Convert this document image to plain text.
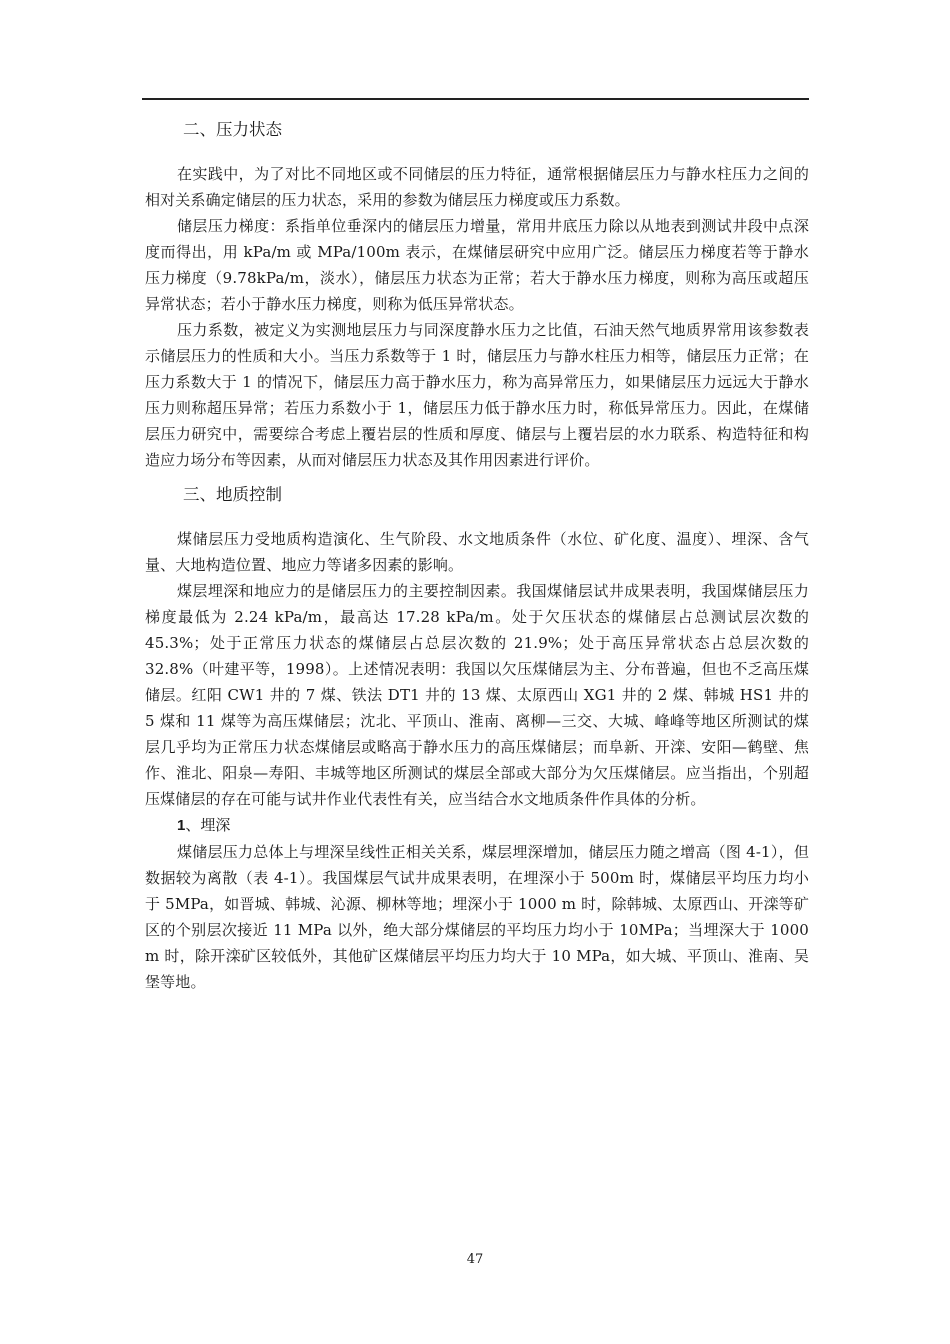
二、压力状态

在实践中，为了对比不同地区或不同储层的压力特征，通常根据储层压力与静水柱压力之间的相对关系确定储层的压力状态，采用的参数为储层压力梯度或压力系数。

储层压力梯度：系指单位垂深内的储层压力增量，常用井底压力除以从地表到测试井段中点深度而得出，用 kPa/m 或 MPa/100m 表示，在煤储层研究中应用广泛。储层压力梯度若等于静水压力梯度（9.78kPa/m，淡水），储层压力状态为正常；若大于静水压力梯度，则称为高压或超压异常状态；若小于静水压力梯度，则称为低压异常状态。

压力系数，被定义为实测地层压力与同深度静水压力之比值，石油天然气地质界常用该参数表示储层压力的性质和大小。当压力系数等于 1 时，储层压力与静水柱压力相等，储层压力正常；在压力系数大于 1 的情况下，储层压力高于静水压力，称为高异常压力，如果储层压力远远大于静水压力则称超压异常；若压力系数小于 1，储层压力低于静水压力时，称低异常压力。因此，在煤储层压力研究中，需要综合考虑上覆岩层的性质和厚度、储层与上覆岩层的水力联系、构造特征和构造应力场分布等因素，从而对储层压力状态及其作用因素进行评价。

三、地质控制

煤储层压力受地质构造演化、生气阶段、水文地质条件（水位、矿化度、温度）、埋深、含气量、大地构造位置、地应力等诸多因素的影响。

煤层埋深和地应力的是储层压力的主要控制因素。我国煤储层试井成果表明，我国煤储层压力梯度最低为 2.24 kPa/m，最高达 17.28 kPa/m。处于欠压状态的煤储层占总测试层次数的 45.3%；处于正常压力状态的煤储层占总层次数的 21.9%；处于高压异常状态占总层次数的 32.8%（叶建平等，1998）。上述情况表明：我国以欠压煤储层为主、分布普遍，但也不乏高压煤储层。红阳 CW1 井的 7 煤、铁法 DT1 井的 13 煤、太原西山 XG1 井的 2 煤、韩城 HS1 井的 5 煤和 11 煤等为高压煤储层；沈北、平顶山、淮南、离柳—三交、大城、峰峰等地区所测试的煤层几乎均为正常压力状态煤储层或略高于静水压力的高压煤储层；而阜新、开滦、安阳—鹤壁、焦作、淮北、阳泉—寿阳、丰城等地区所测试的煤层全部或大部分为欠压煤储层。应当指出，个别超压煤储层的存在可能与试井作业代表性有关，应当结合水文地质条件作具体的分析。

1、埋深

煤储层压力总体上与埋深呈线性正相关关系，煤层埋深增加，储层压力随之增高（图 4-1），但数据较为离散（表 4-1）。我国煤层气试井成果表明，在埋深小于 500m 时，煤储层平均压力均小于 5MPa，如晋城、韩城、沁源、柳林等地；埋深小于 1000 m 时，除韩城、太原西山、开滦等矿区的个别层次接近 11 MPa 以外，绝大部分煤储层的平均压力均小于 10MPa；当埋深大于 1000 m 时，除开滦矿区较低外，其他矿区煤储层平均压力均大于 10 MPa，如大城、平顶山、淮南、吴堡等地。

47
